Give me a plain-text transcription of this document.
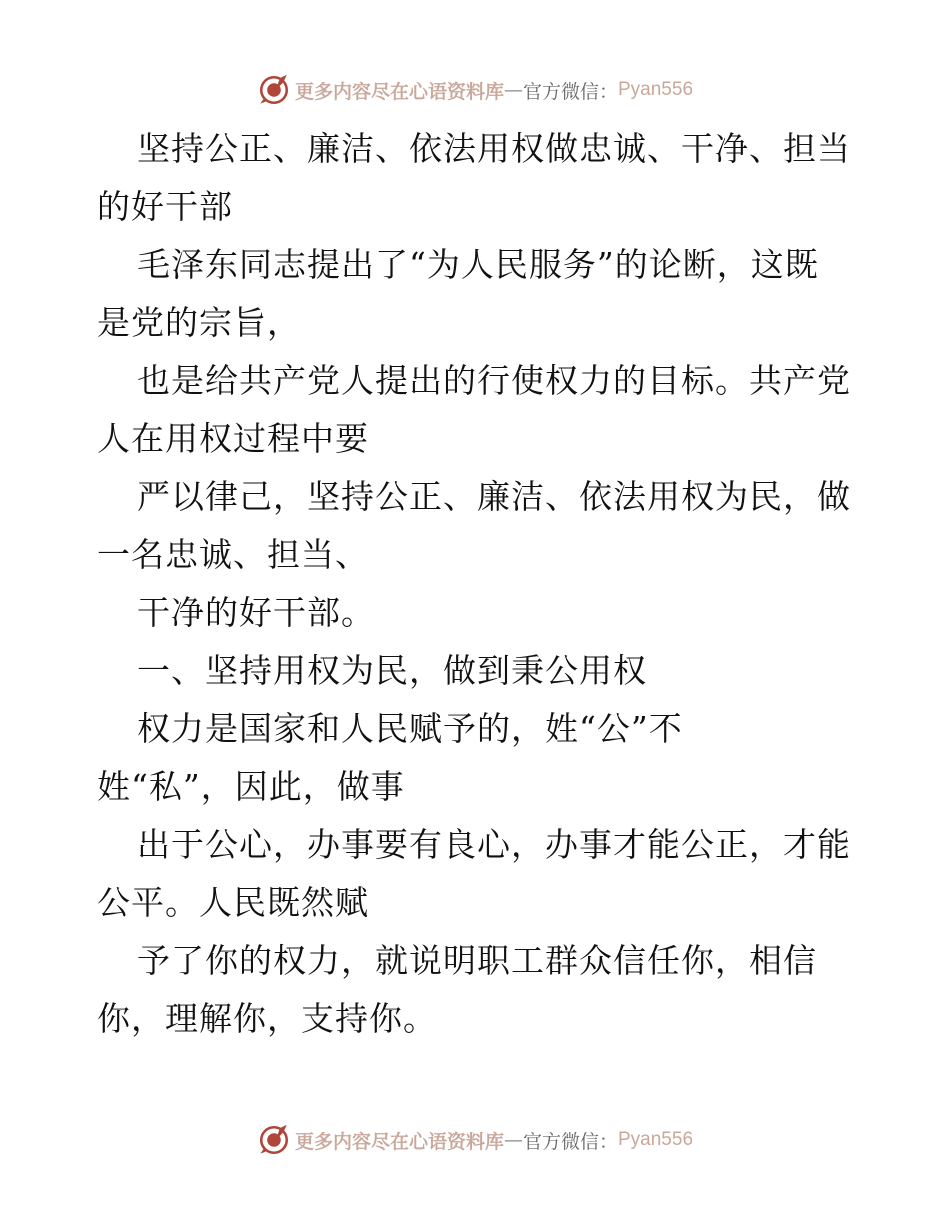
更多内容尽在心语资料库 — 官方微信： Pyan556

坚持公正、廉洁、依法用权做忠诚、干净、担当
的好干部

毛泽东同志提出了“为人民服务”的论断，这既
是党的宗旨，

也是给共产党人提出的行使权力的目标。共产党
人在用权过程中要

严以律己，坚持公正、廉洁、依法用权为民，做
一名忠诚、担当、

干净的好干部。

一、坚持用权为民，做到秉公用权

权力是国家和人民赋予的，姓“公”不
姓“私”，因此，做事

出于公心，办事要有良心，办事才能公正，才能
公平。人民既然赋

予了你的权力，就说明职工群众信任你，相信
你，理解你，支持你。

更多内容尽在心语资料库 — 官方微信： Pyan556
